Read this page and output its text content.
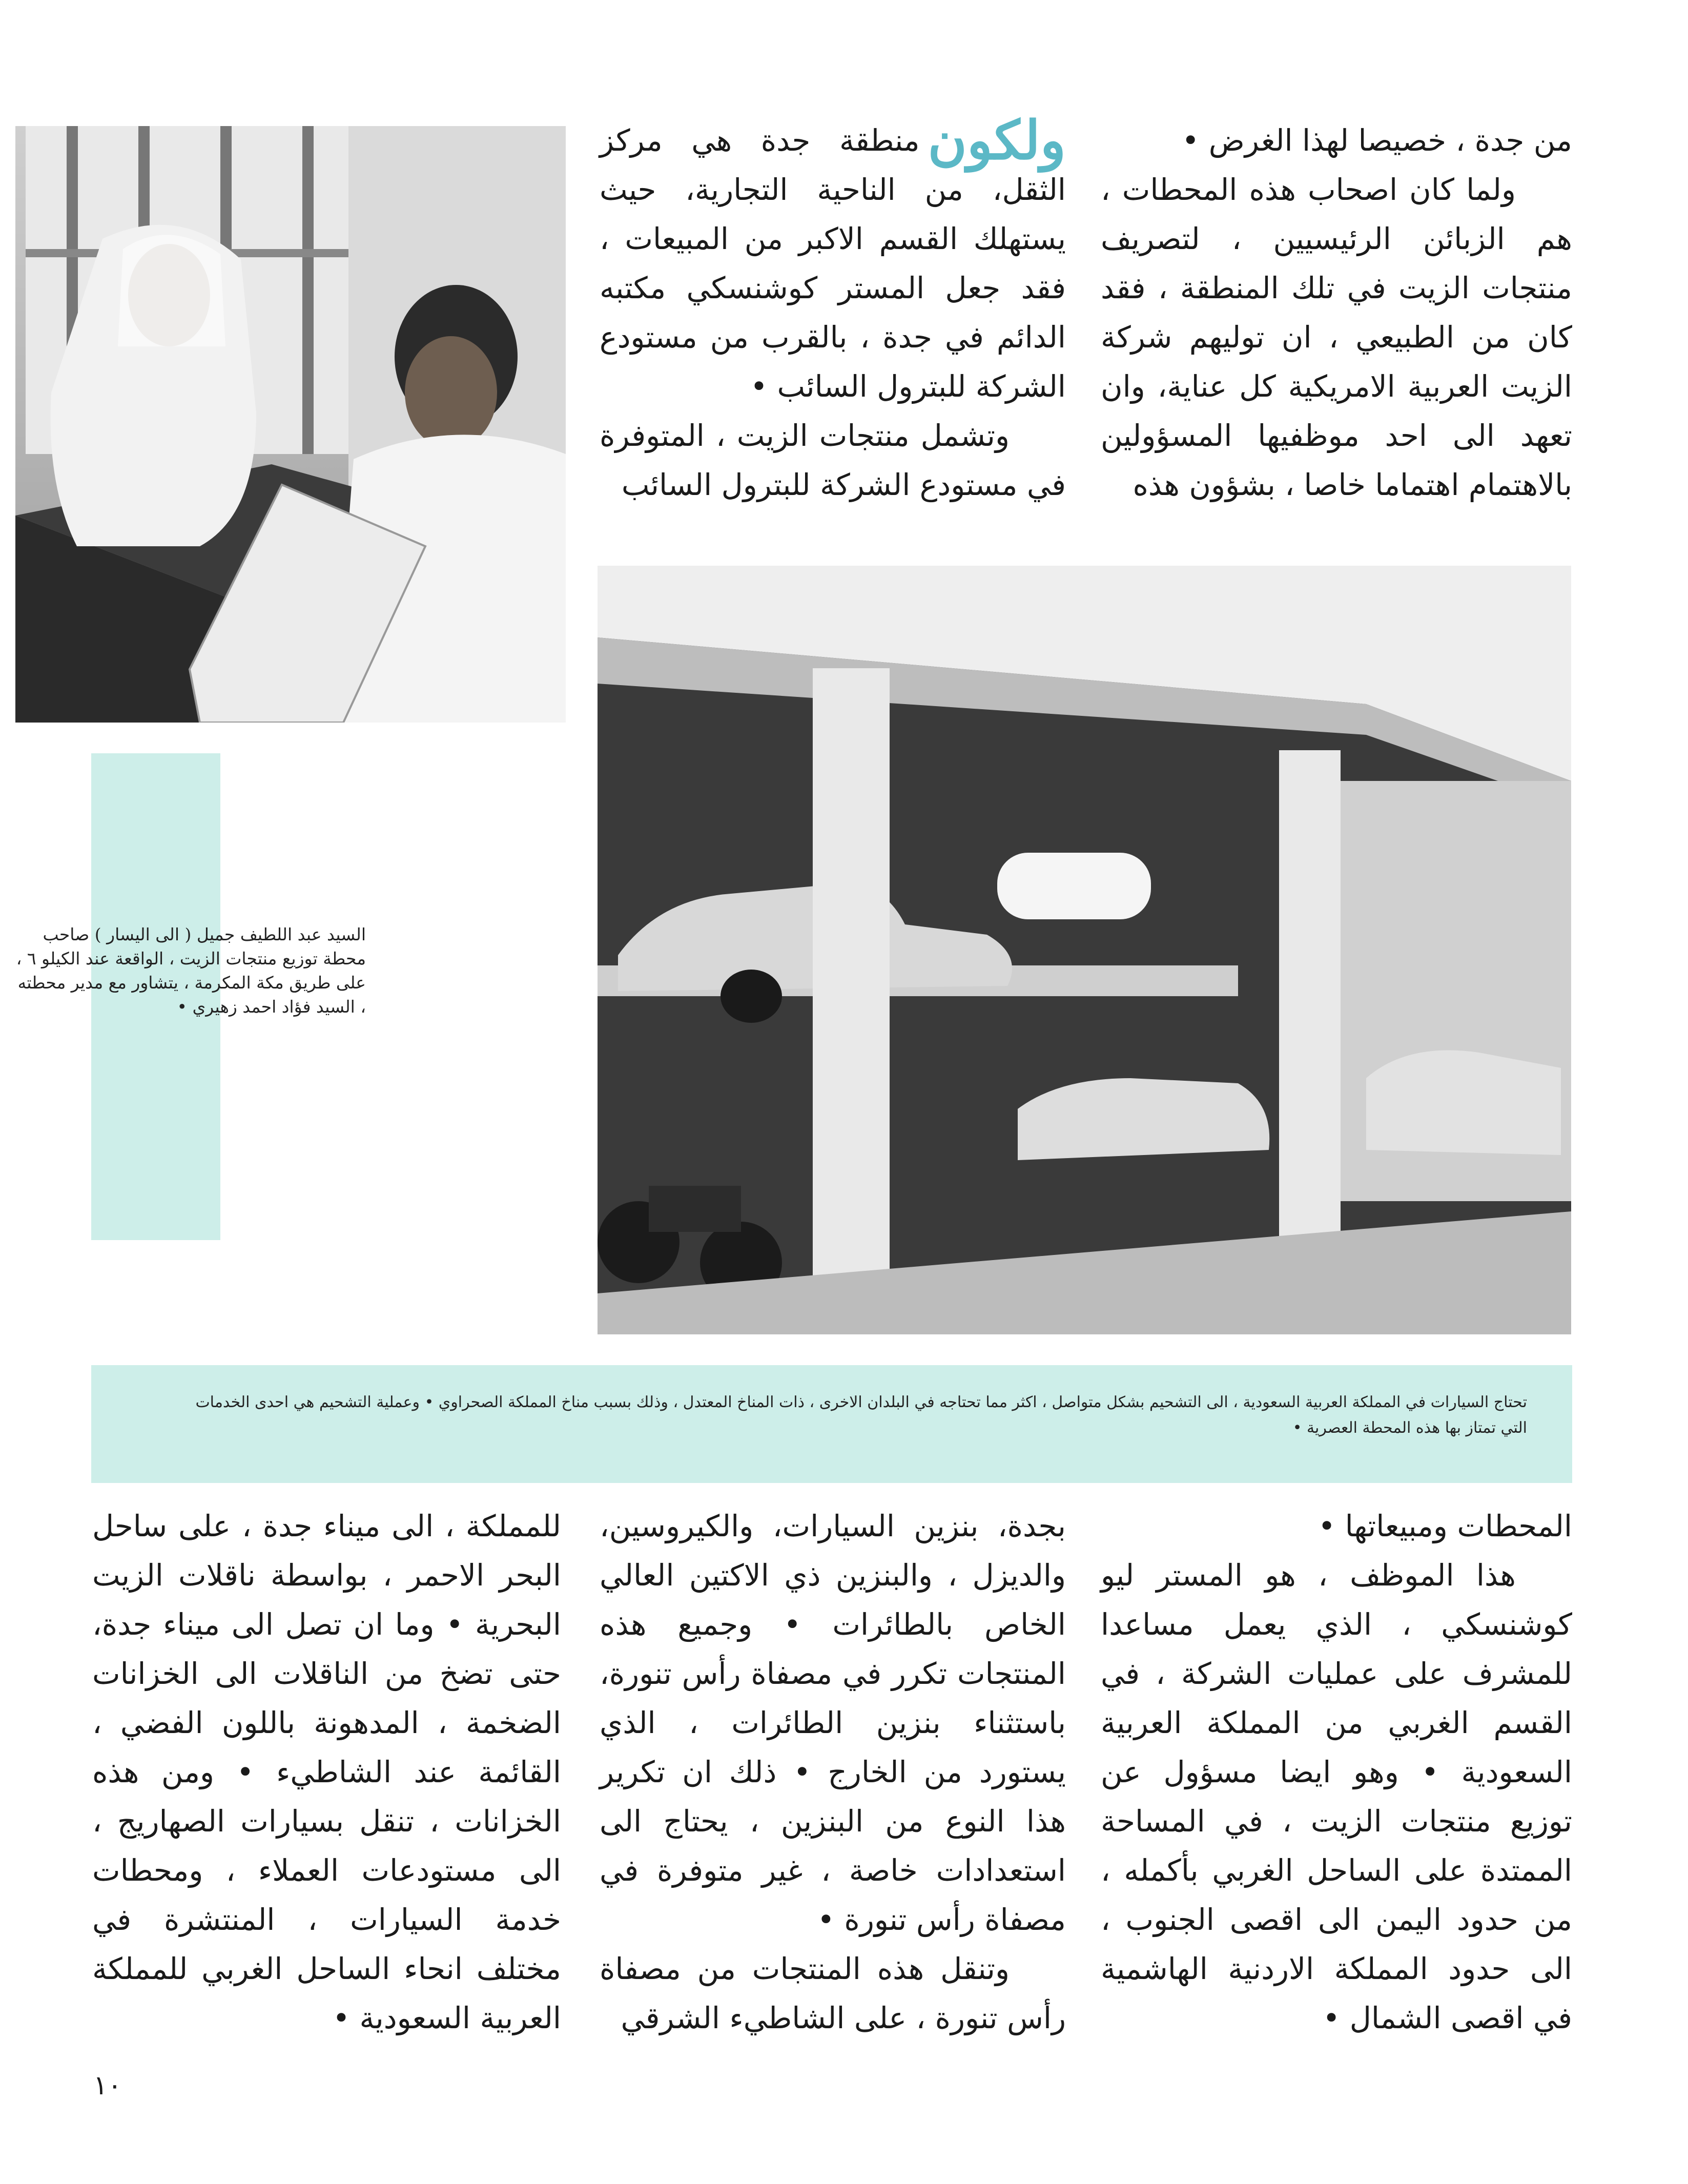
من جدة ، خصيصا لهذا الغرض •

ولما كان اصحاب هذه المحطات ، هم الزبائن الرئيسيين ، لتصريف منتجات الزيت في تلك المنطقة ، فقد كان من الطبيعي ، ان توليهم شركة الزيت العربية الامريكية كل عناية، وان تعهد الى احد موظفيها المسؤولين بالاهتمام اهتماما خاصا ، بشؤون هذه

ولكون
منطقة جدة هي مركز الثقل، من الناحية التجارية، حيث يستهلك القسم الاكبر من المبيعات ، فقد جعل المستر كوشنسكي مكتبه الدائم في جدة ، بالقرب من مستودع الشركة للبترول السائب •

وتشمل منتجات الزيت ، المتوفرة في مستودع الشركة للبترول السائب

السيد عبد اللطيف جميل ( الى اليسار ) صاحب محطة توزيع منتجات الزيت ، الواقعة عند الكيلو ٦ ، على طريق مكة المكرمة ، يتشاور مع مدير محطته ، السيد فؤاد احمد زهيري •

تحتاج السيارات في المملكة العربية السعودية ، الى التشحيم بشكل متواصل ، اكثر مما تحتاجه في البلدان الاخرى ، ذات المناخ المعتدل ، وذلك بسبب مناخ المملكة الصحراوي • وعملية التشحيم هي احدى الخدمات التي تمتاز بها هذه المحطة العصرية •

المحطات ومبيعاتها •

هذا الموظف ، هو المستر ليو كوشنسكي ، الذي يعمل مساعدا للمشرف على عمليات الشركة ، في القسم الغربي من المملكة العربية السعودية • وهو ايضا مسؤول عن توزيع منتجات الزيت ، في المساحة الممتدة على الساحل الغربي بأكمله ، من حدود اليمن الى اقصى الجنوب ، الى حدود المملكة الاردنية الهاشمية في اقصى الشمال •

بجدة، بنزين السيارات، والكيروسين، والديزل ، والبنزين ذي الاكتين العالي الخاص بالطائرات • وجميع هذه المنتجات تكرر في مصفاة رأس تنورة، باستثناء بنزين الطائرات ، الذي يستورد من الخارج • ذلك ان تكرير هذا النوع من البنزين ، يحتاج الى استعدادات خاصة ، غير متوفرة في مصفاة رأس تنورة •

وتنقل هذه المنتجات من مصفاة رأس تنورة ، على الشاطيء الشرقي

للمملكة ، الى ميناء جدة ، على ساحل البحر الاحمر ، بواسطة ناقلات الزيت البحرية • وما ان تصل الى ميناء جدة، حتى تضخ من الناقلات الى الخزانات الضخمة ، المدهونة باللون الفضي ، القائمة عند الشاطيء • ومن هذه الخزانات ، تنقل بسيارات الصهاريج ، الى مستودعات العملاء ، ومحطات خدمة السيارات ، المنتشرة في مختلف انحاء الساحل الغربي للمملكة العربية السعودية •

١٠
